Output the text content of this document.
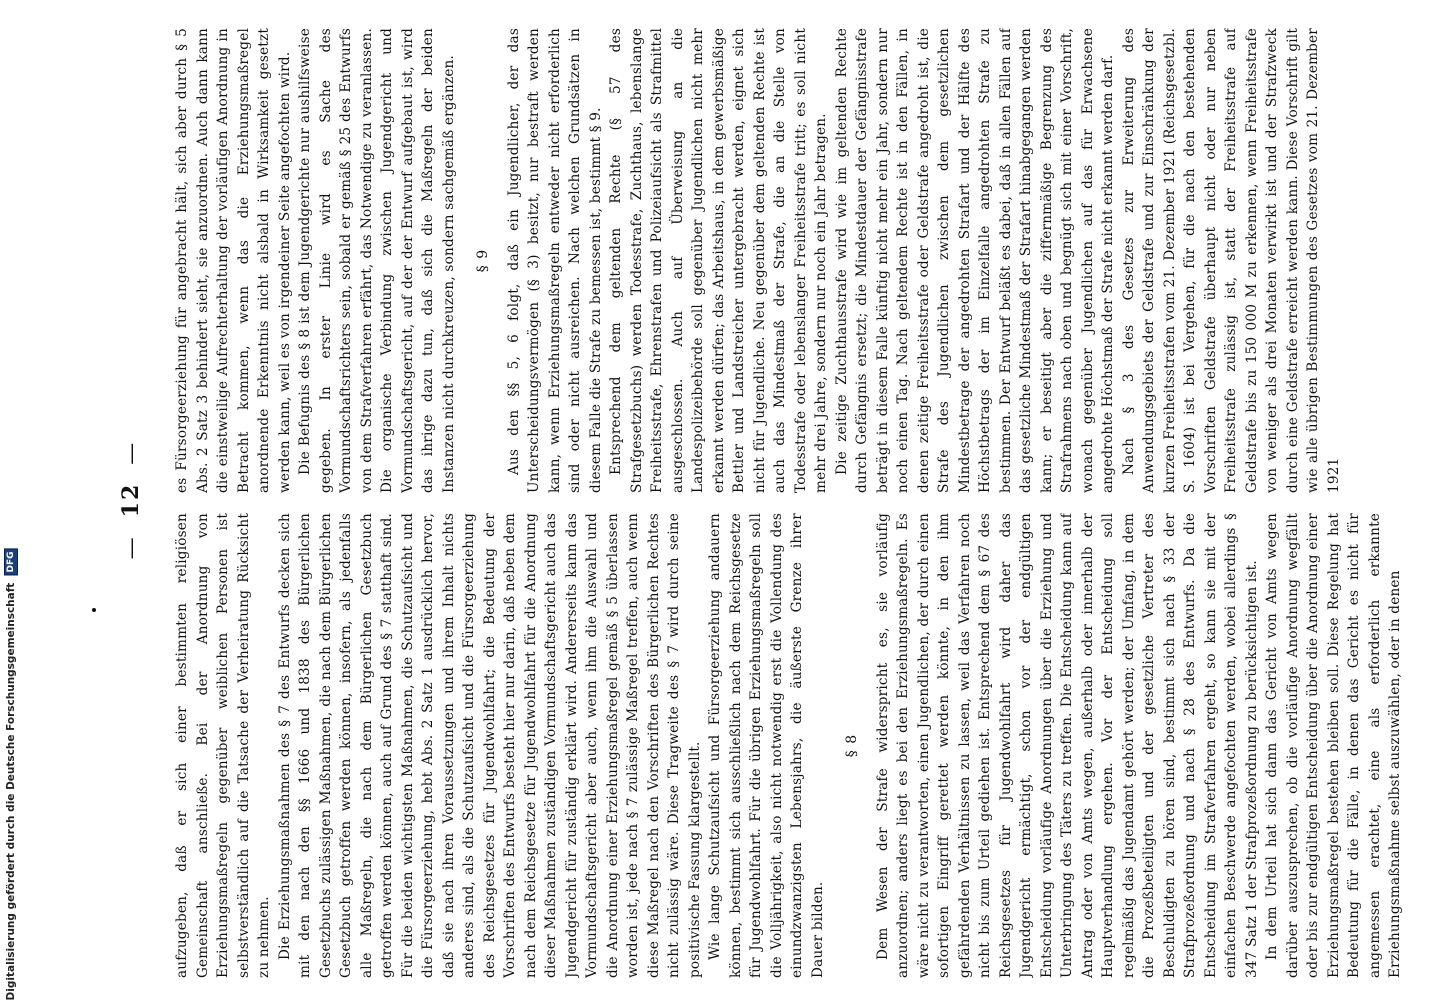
Digitalisierung gefördert durch die Deutsche Forschungsgemeinschaft DFG
—12—

aufzugeben, daß er sich einer bestimmten religiösen Gemeinschaft anschließe. Bei der Anordnung von Erziehungsmaßregeln gegenüber weiblichen Personen ist selbstverständlich auf die Tatsache der Verheiratung Rücksicht zu nehmen. Die Erziehungsmaßnahmen des § 7 des Entwurfs decken sich mit den nach den §§ 1666 und 1838 des Bürgerlichen Gesetzbuchs zulässigen Maßnahmen, die nach dem Bürgerlichen Gesetzbuch getroffen werden können, insofern, als jedenfalls alle Maßregeln, die nach dem Bürgerlichen Gesetzbuch getroffen werden können, auch auf Grund des § 7 statthaft sind. Für die beiden wichtigsten Maßnahmen, die Schutzaufsicht und die Fürsorgeerziehung, hebt Abs. 2 Satz 1 ausdrücklich hervor, daß sie nach ihren Voraussetzungen und ihrem Inhalt nichts anderes sind, als die Schutzaufsicht und die Fürsorgeerziehung des Reichsgesetzes für Jugendwohlfahrt; die Bedeutung der Vorschriften des Entwurfs besteht hier nur darin, daß neben dem nach dem Reichsgesetze für Jugendwohlfahrt für die Anordnung dieser Maßnahmen zuständigen Vormundschaftsgericht auch das Jugendgericht für zuständig erklärt wird. Andererseits kann das Vormundschaftsgericht aber auch, wenn ihm die Auswahl und die Anordnung einer Erziehungsmaßregel gemäß § 5 überlassen worden ist, jede nach § 7 zulässige Maßregel treffen, auch wenn diese Maßregel nach den Vorschriften des Bürgerlichen Rechtes nicht zulässig wäre. Diese Tragweite des § 7 wird durch seine positivische Fassung klargestellt. Wie lange Schutzaufsicht und Fürsorgeerziehung andauern können, bestimmt sich ausschließlich nach dem Reichsgesetze für Jugendwohlfahrt. Für die übrigen Erziehungsmaßregeln soll die Volljährigkeit, also nicht notwendig erst die Vollendung des einundzwanzigsten Lebensjahrs, die äußerste Grenze ihrer Dauer bilden.

§ 8 Dem Wesen der Strafe widerspricht es, sie vorläufig anzuordnen; anders liegt es bei den Erziehungsmaßregeln. Es wäre nicht zu verantworten, einen Jugendlichen, der durch einen sofortigen Eingriff gerettet werden könnte, in den ihm gefährdenden Verhältnissen zu lassen, weil das Verfahren noch nicht bis zum Urteil gediehen ist. Entsprechend dem § 67 des Reichsgesetzes für Jugendwohlfahrt wird daher das Jugendgericht ermächtigt, schon vor der endgültigen Entscheidung vorläufige Anordnungen über die Erziehung und Unterbringung des Täters zu treffen. Die Entscheidung kann auf Antrag oder von Amts wegen, außerhalb oder innerhalb der Hauptverhandlung ergehen. Vor der Entscheidung soll regelmäßig das Jugendamt gehört werden; der Umfang, in dem die Prozeßbeteiligten und der gesetzliche Vertreter des Beschuldigten zu hören sind, bestimmt sich nach § 33 der Strafprozeßordnung und nach § 28 des Entwurfs. Da die Entscheidung im Strafverfahren ergeht, so kann sie mit der einfachen Beschwerde angefochten werden, wobei allerdings § 347 Satz 1 der Strafprozeßordnung zu berücksichtigen ist. In dem Urteil hat sich dann das Gericht von Amts wegen darüber auszusprechen, ob die vorläufige Anordnung wegfällt oder bis zur endgültigen Entscheidung über die Anordnung einer Erziehungsmaßregel bestehen bleiben soll. Diese Regelung hat Bedeutung für die Fälle, in denen das Gericht es nicht für angemessen erachtet, eine als erforderlich erkannte Erziehungsmaßnahme selbst auszuwählen, oder in denen

es Fürsorgeerziehung für angebracht hält, sich aber durch § 5 Abs. 2 Satz 3 behindert sieht, sie anzuordnen. Auch dann kann die einstweilige Aufrechterhaltung der vorläufigen Anordnung in Betracht kommen, wenn das die Erziehungsmaßregel anordnende Erkenntnis nicht alsbald in Wirksamkeit gesetzt werden kann, weil es von irgendeiner Seite angefochten wird. Die Befugnis des § 8 ist dem Jugendgerichte nur aushilfsweise gegeben. In erster Linie wird es Sache des Vormundschaftsrichters sein, sobald er gemäß § 25 des Entwurfs von dem Strafverfahren erfährt, das Notwendige zu veranlassen. Die organische Verbindung zwischen Jugendgericht und Vormundschaftsgericht, auf der der Entwurf aufgebaut ist, wird das ihrige dazu tun, daß sich die Maßregeln der beiden Instanzen nicht durchkreuzen, sondern sachgemäß ergänzen. § 9 Aus den §§ 5, 6 folgt, daß ein Jugendlicher, der das Unterscheidungsvermögen (§ 3) besitzt, nur bestraft werden kann, wenn Erziehungsmaßregeln entweder nicht erforderlich sind oder nicht ausreichen. Nach welchen Grundsätzen in diesem Falle die Strafe zu bemessen ist, bestimmt § 9. Entsprechend dem geltenden Rechte (§ 57 des Strafgesetzbuchs) werden Todesstrafe, Zuchthaus, lebenslange Freiheitsstrafe, Ehrenstrafen und Polizeiaufsicht als Strafmittel ausgeschlossen. Auch auf Überweisung an die Landespolizeibehörde soll gegenüber Jugendlichen nicht mehr erkannt werden dürfen; das Arbeitshaus, in dem gewerbsmäßige Bettler und Landstreicher untergebracht werden, eignet sich nicht für Jugendliche. Neu gegenüber dem geltenden Rechte ist auch das Mindestmaß der Strafe, die an die Stelle von Todesstrafe oder lebenslanger Freiheitsstrafe tritt; es soll nicht mehr drei Jahre, sondern nur noch ein Jahr betragen. Die zeitige Zuchthausstrafe wird wie im geltenden Rechte durch Gefängnis ersetzt; die Mindestdauer der Gefängnisstrafe beträgt in diesem Falle künftig nicht mehr ein Jahr, sondern nur noch einen Tag. Nach geltendem Rechte ist in den Fällen, in denen zeitige Freiheitsstrafe oder Geldstrafe angedroht ist, die Strafe des Jugendlichen zwischen dem gesetzlichen Mindestbetrage der angedrohten Strafart und der Hälfte des Höchstbetrags der im Einzelfalle angedrohten Strafe zu bestimmen. Der Entwurf beläßt es dabei, daß in allen Fällen auf das gesetzliche Mindestmaß der Strafart hinabgegangen werden kann; er beseitigt aber die ziffernmäßige Begrenzung des Strafrahmens nach oben und begnügt sich mit einer Vorschrift, wonach gegenüber Jugendlichen auf das für Erwachsene angedrohte Höchstmaß der Strafe nicht erkannt werden darf. Nach § 3 des Gesetzes zur Erweiterung des Anwendungsgebiets der Geldstrafe und zur Einschränkung der kurzen Freiheitsstrafen vom 21. Dezember 1921 (Reichsgesetzbl. S. 1604) ist bei Vergehen, für die nach den bestehenden Vorschriften Geldstrafe überhaupt nicht oder nur neben Freiheitsstrafe zulässig ist, statt der Freiheitsstrafe auf Geldstrafe bis zu 150 000 M zu erkennen, wenn Freiheitsstrafe von weniger als drei Monaten verwirkt ist und der Strafzweck durch eine Geldstrafe erreicht werden kann. Diese Vorschrift gilt wie alle übrigen Bestimmungen des Gesetzes vom 21. Dezember 1921
